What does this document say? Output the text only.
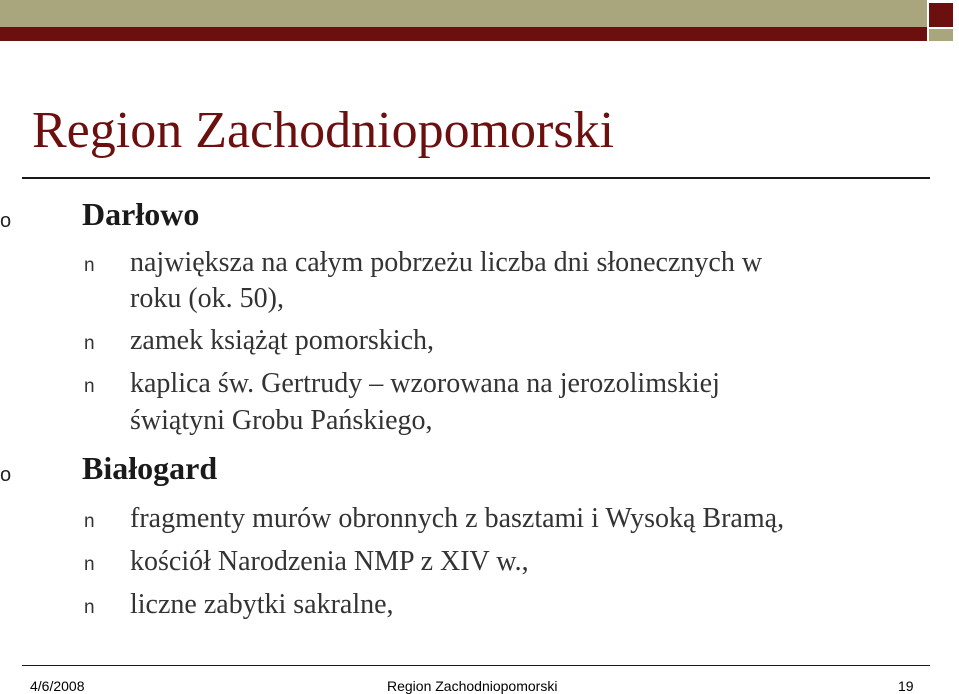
Region Zachodniopomorski
o Darłowo
n największa na całym pobrzeżu liczba dni słonecznych w
roku (ok. 50),
n zamek książąt pomorskich,
n kaplica św. Gertrudy – wzorowana na jerozolimskiej
świątyni Grobu Pańskiego,
o Białogard
n fragmenty murów obronnych z basztami i Wysoką Bramą,
n kościół Narodzenia NMP z XIV w.,
n liczne zabytki sakralne,
4/6/2008	Region Zachodniopomorski	19
